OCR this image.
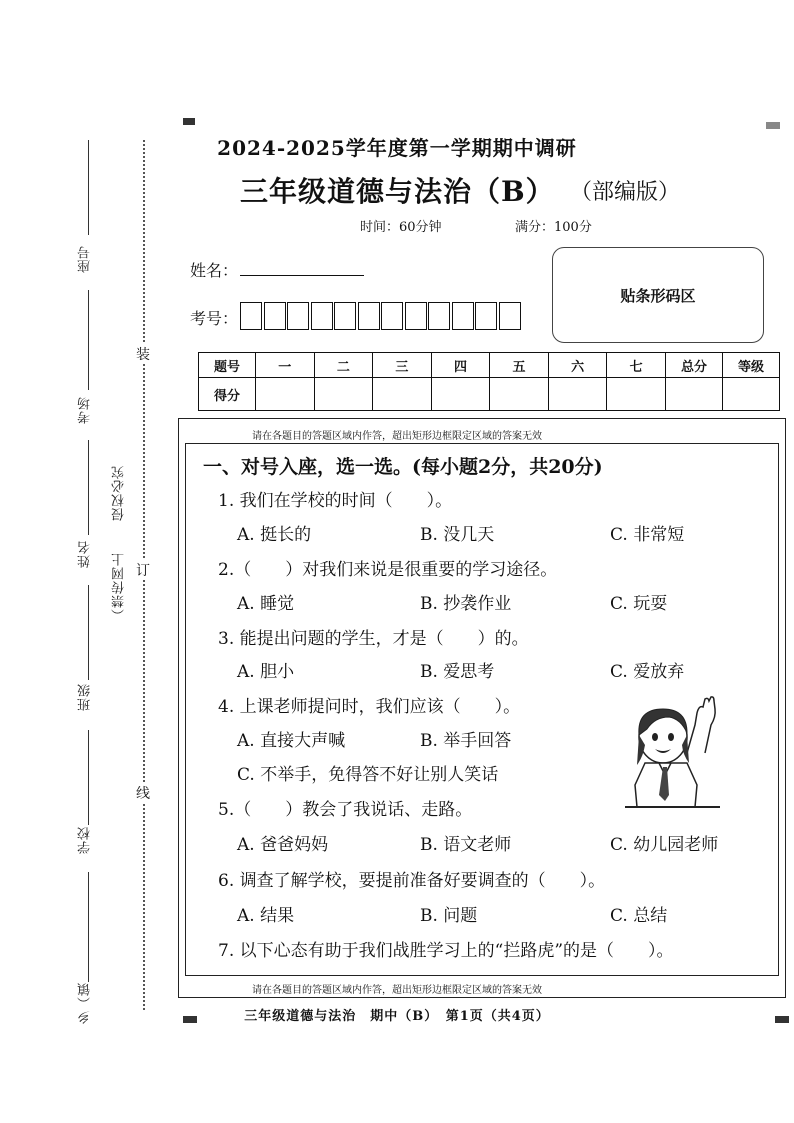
座号
考场
姓名
班级
学校
乡（镇
侵权必究
（禁传网上
装
订
线
2024-2025学年度第一学期期中调研
三年级道德与法治（B） （部编版）
时间：60分钟	满分：100分
姓名：
考号：
贴条形码区
题号	一	二	三	四	五	六	七	总分	等级
得分									
请在各题目的答题区域内作答，超出矩形边框限定区域的答案无效
请在各题目的答题区域内作答，超出矩形边框限定区域的答案无效
一、对号入座，选一选。(每小题2分，共20分)
1. 我们在学校的时间（　　）。
A. 挺长的	B. 没几天	C. 非常短
2.（　　）对我们来说是很重要的学习途径。
A. 睡觉	B. 抄袭作业	C. 玩耍
3. 能提出问题的学生，才是（　　）的。
A. 胆小	B. 爱思考	C. 爱放弃
4. 上课老师提问时，我们应该（　　）。
A. 直接大声喊	B. 举手回答
C. 不举手，免得答不好让别人笑话
5.（　　）教会了我说话、走路。
A. 爸爸妈妈	B. 语文老师	C. 幼儿园老师
6. 调查了解学校，要提前准备好要调查的（　　）。
A. 结果	B. 问题	C. 总结
7. 以下心态有助于我们战胜学习上的“拦路虎”的是（　　）。
三年级道德与法治　期中（B）　第1页（共4页）
